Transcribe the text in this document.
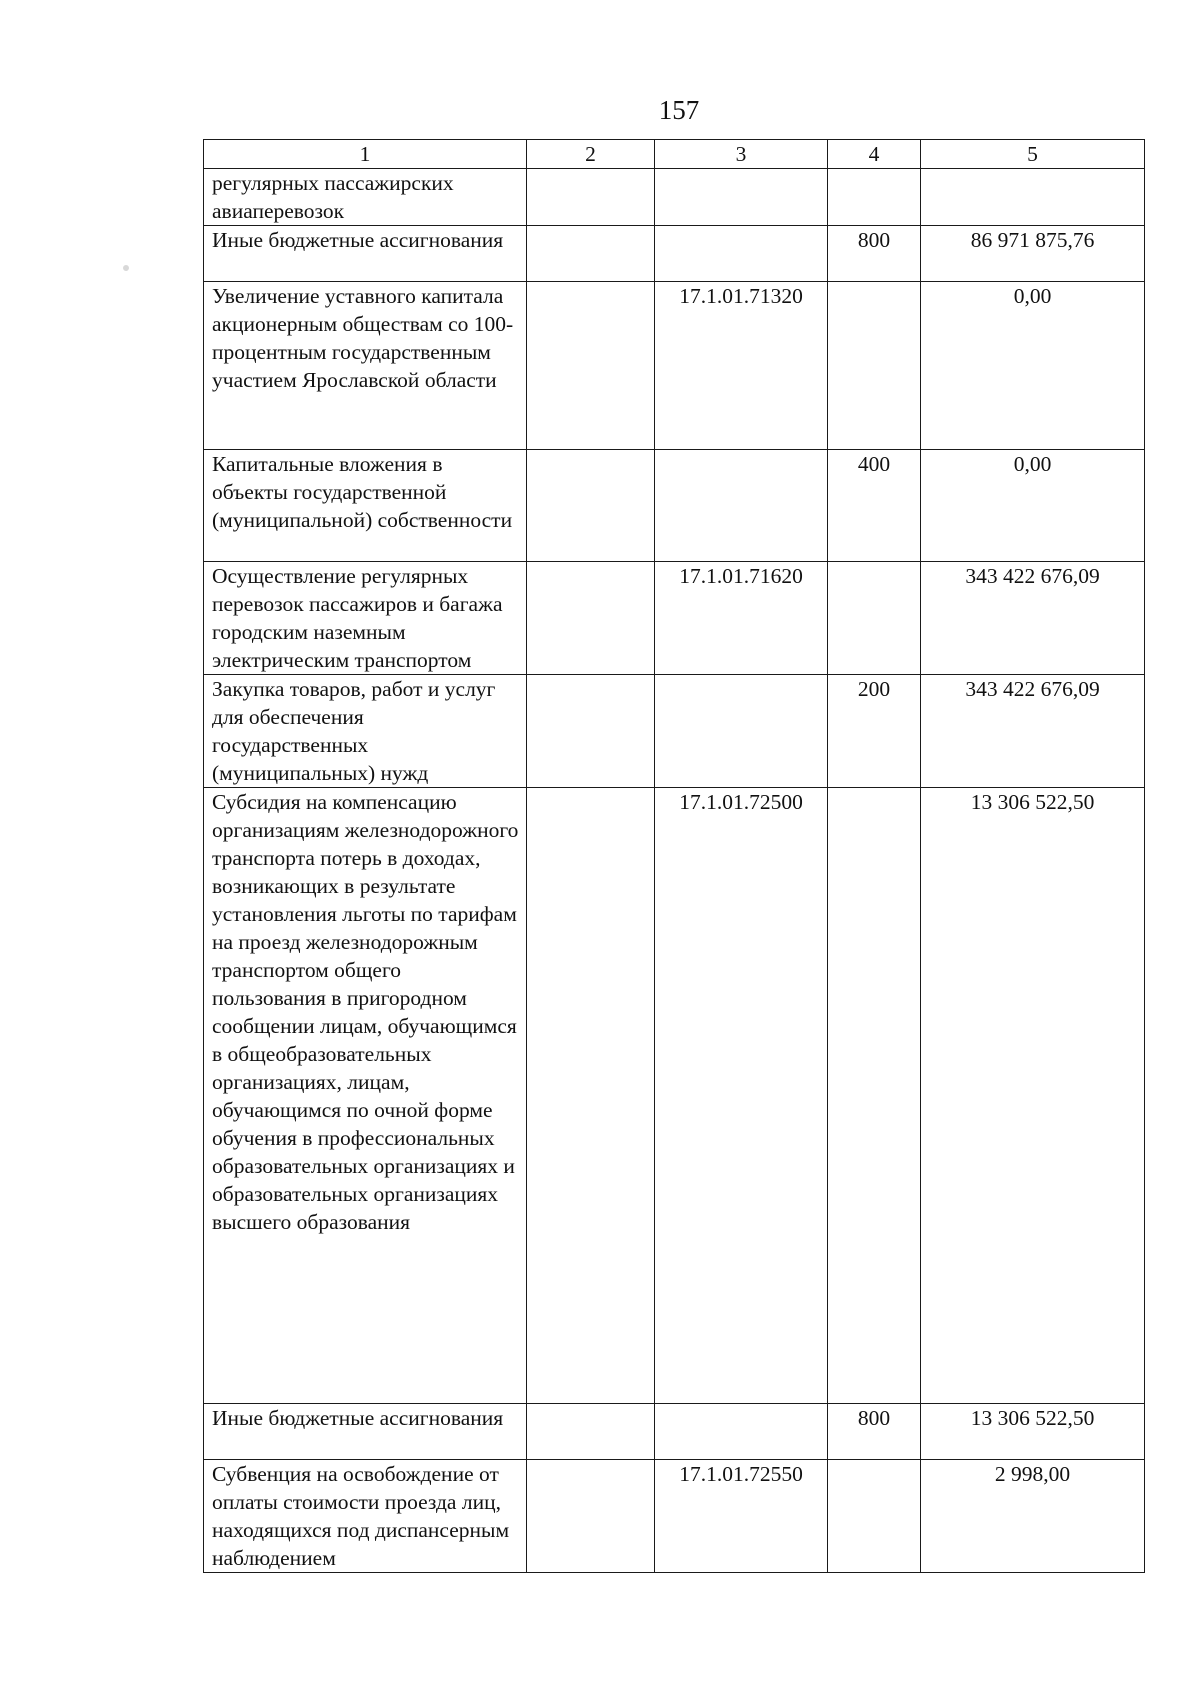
157
1	2	3	4	5
регулярных пассажирских авиаперевозок				
Иные бюджетные ассигнования			800	86 971 875,76
Увеличение уставного капитала акционерным обществам со 100-процентным государственным участием Ярославской области		17.1.01.71320		0,00
Капитальные вложения в объекты государственной (муниципальной) собственности			400	0,00
Осуществление регулярных перевозок пассажиров и багажа городским наземным электрическим транспортом		17.1.01.71620		343 422 676,09
Закупка товаров, работ и услуг для обеспечения государственных (муниципальных) нужд			200	343 422 676,09
Субсидия на компенсацию организациям железнодорожного транспорта потерь в доходах, возникающих в результате установления льготы по тарифам на проезд железнодорожным транспортом общего пользования в пригородном сообщении лицам, обучающимся в общеобразовательных организациях, лицам, обучающимся по очной форме обучения в профессиональных образовательных организациях и образовательных организациях высшего образования		17.1.01.72500		13 306 522,50
Иные бюджетные ассигнования			800	13 306 522,50
Субвенция на освобождение от оплаты стоимости проезда лиц, находящихся под диспансерным наблюдением		17.1.01.72550		2 998,00
